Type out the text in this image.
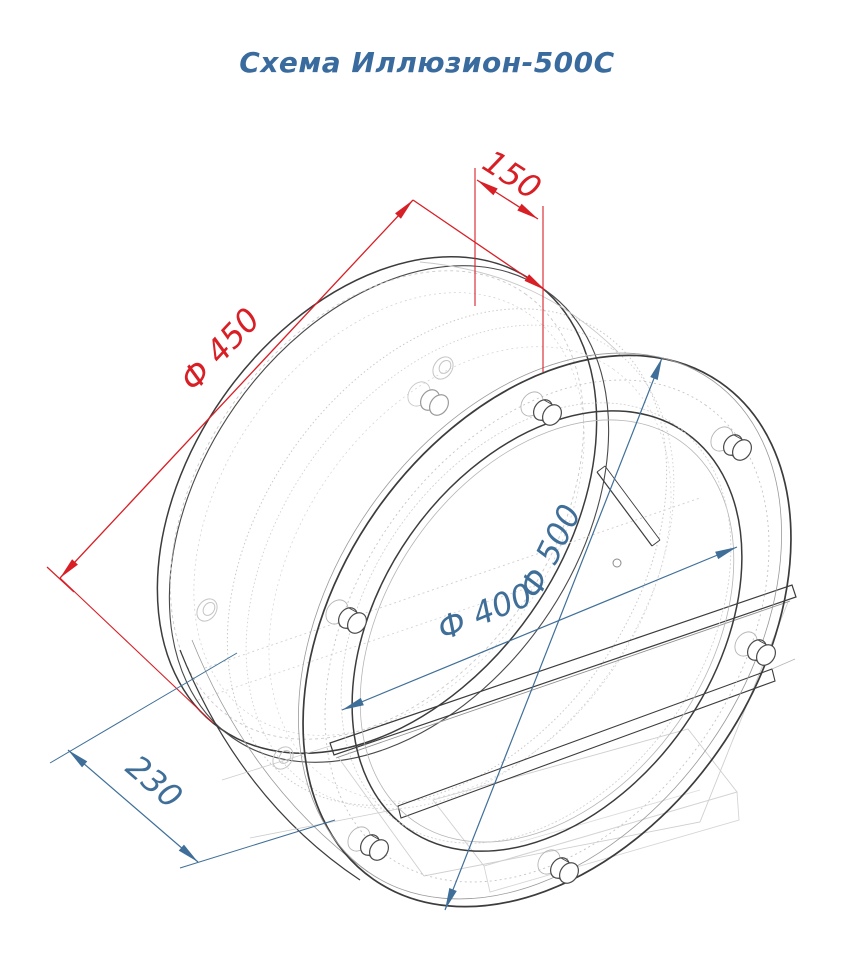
Схема Иллюзион-500С
Ф 450
150
Ф 500
Ф 400
230
